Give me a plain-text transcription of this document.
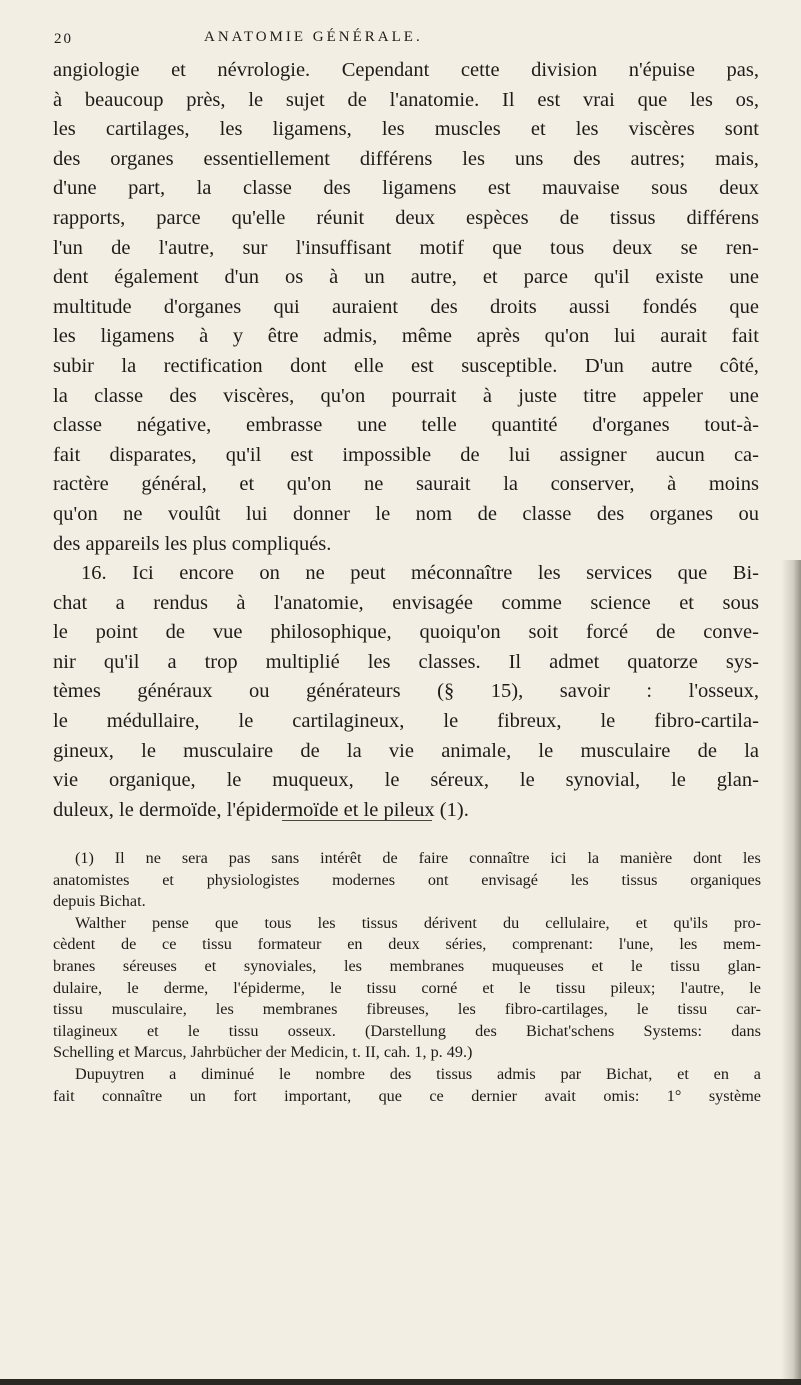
20	ANATOMIE GÉNÉRALE.
angiologie et névrologie. Cependant cette division n'épuise pas,
à beaucoup près, le sujet de l'anatomie. Il est vrai que les os,
les cartilages, les ligamens, les muscles et les viscères sont
des organes essentiellement différens les uns des autres; mais,
d'une part, la classe des ligamens est mauvaise sous deux
rapports, parce qu'elle réunit deux espèces de tissus différens
l'un de l'autre, sur l'insuffisant motif que tous deux se ren-
dent également d'un os à un autre, et parce qu'il existe une
multitude d'organes qui auraient des droits aussi fondés que
les ligamens à y être admis, même après qu'on lui aurait fait
subir la rectification dont elle est susceptible. D'un autre côté,
la classe des viscères, qu'on pourrait à juste titre appeler une
classe négative, embrasse une telle quantité d'organes tout-à-
fait disparates, qu'il est impossible de lui assigner aucun ca-
ractère général, et qu'on ne saurait la conserver, à moins
qu'on ne voulût lui donner le nom de classe des organes ou
des appareils les plus compliqués.
16. Ici encore on ne peut méconnaître les services que Bi-
chat a rendus à l'anatomie, envisagée comme science et sous
le point de vue philosophique, quoiqu'on soit forcé de conve-
nir qu'il a trop multiplié les classes. Il admet quatorze sys-
tèmes généraux ou générateurs (§ 15), savoir : l'osseux,
le médullaire, le cartilagineux, le fibreux, le fibro-cartila-
gineux, le musculaire de la vie animale, le musculaire de la
vie organique, le muqueux, le séreux, le synovial, le glan-
duleux, le dermoïde, l'épidermoïde et le pileux (1).
(1) Il ne sera pas sans intérêt de faire connaître ici la manière dont les
anatomistes et physiologistes modernes ont envisagé les tissus organiques
depuis Bichat.
Walther pense que tous les tissus dérivent du cellulaire, et qu'ils pro-
cèdent de ce tissu formateur en deux séries, comprenant: l'une, les mem-
branes séreuses et synoviales, les membranes muqueuses et le tissu glan-
dulaire, le derme, l'épiderme, le tissu corné et le tissu pileux; l'autre, le
tissu musculaire, les membranes fibreuses, les fibro-cartilages, le tissu car-
tilagineux et le tissu osseux. (Darstellung des Bichat'schens Systems: dans
Schelling et Marcus, Jahrbücher der Medicin, t. II, cah. 1, p. 49.)
Dupuytren a diminué le nombre des tissus admis par Bichat, et en a
fait connaître un fort important, que ce dernier avait omis: 1° système
